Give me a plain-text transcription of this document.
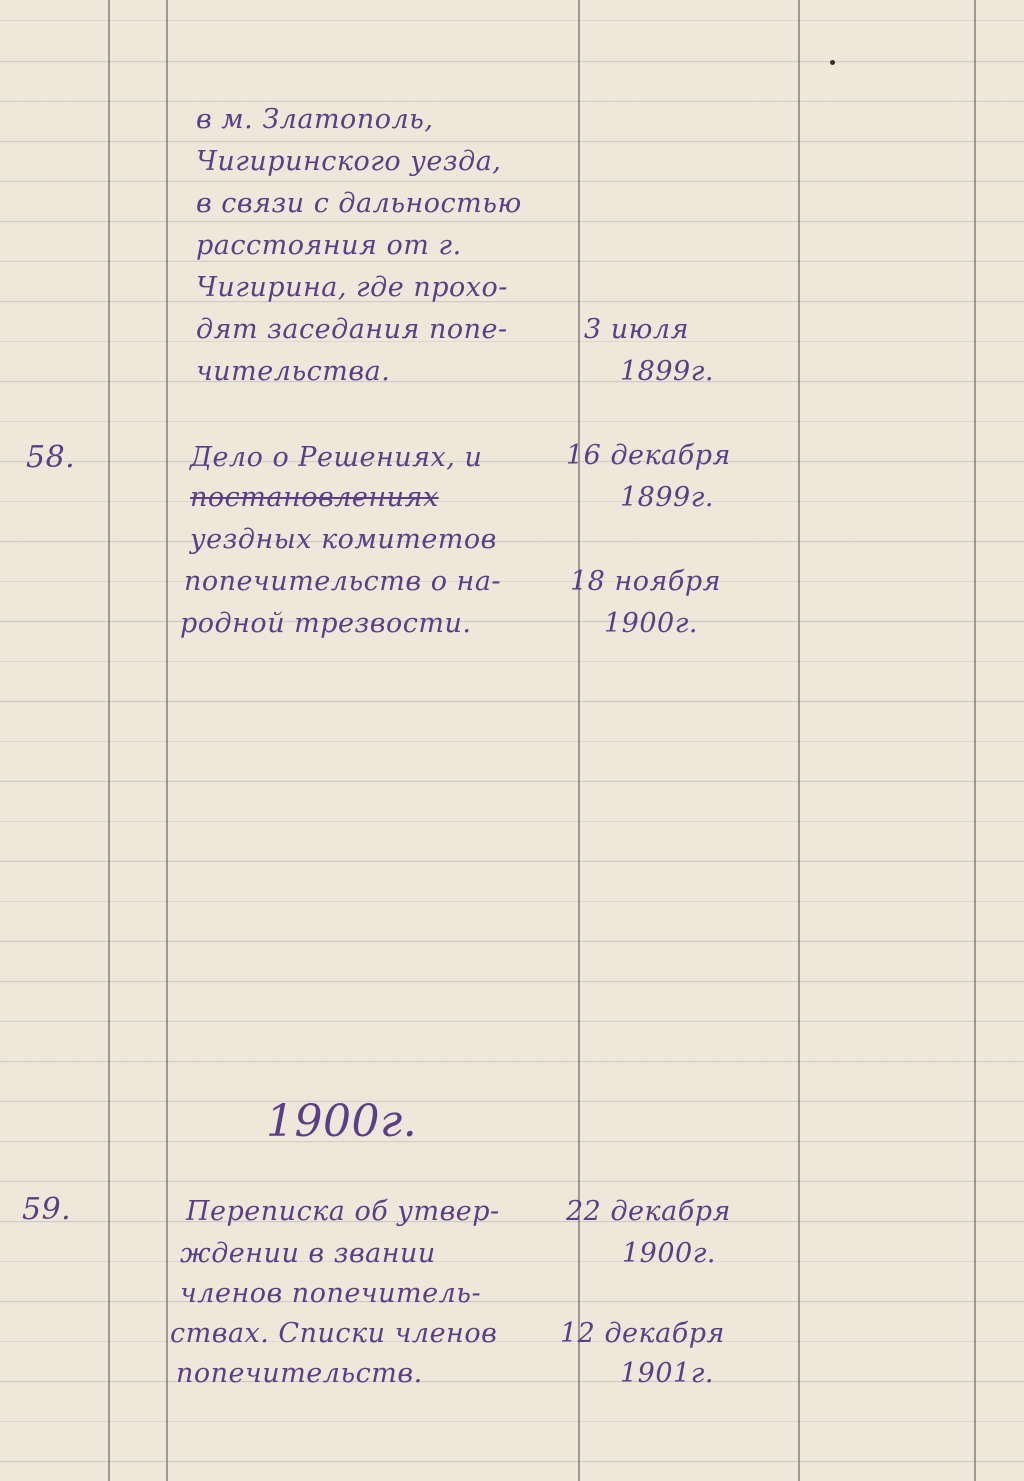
в м. Златополь,
Чигиринского уезда,
в связи с дальностью
расстояния от г.
Чигирина, где прохо-
дят заседания попе-
чительства.
3 июля
1899г.
58.	Дело о Решениях, и
постановлениях
уездных комитетов
попечительств о на-
родной трезвости.
16 декабря
1899г.
18 ноября
1900г.
1900г.
59.	Переписка об утвер-
ждении в звании
членов попечитель-
ствах. Списки членов
попечительств.
22 декабря
1900г.
12 декабря
1901г.
